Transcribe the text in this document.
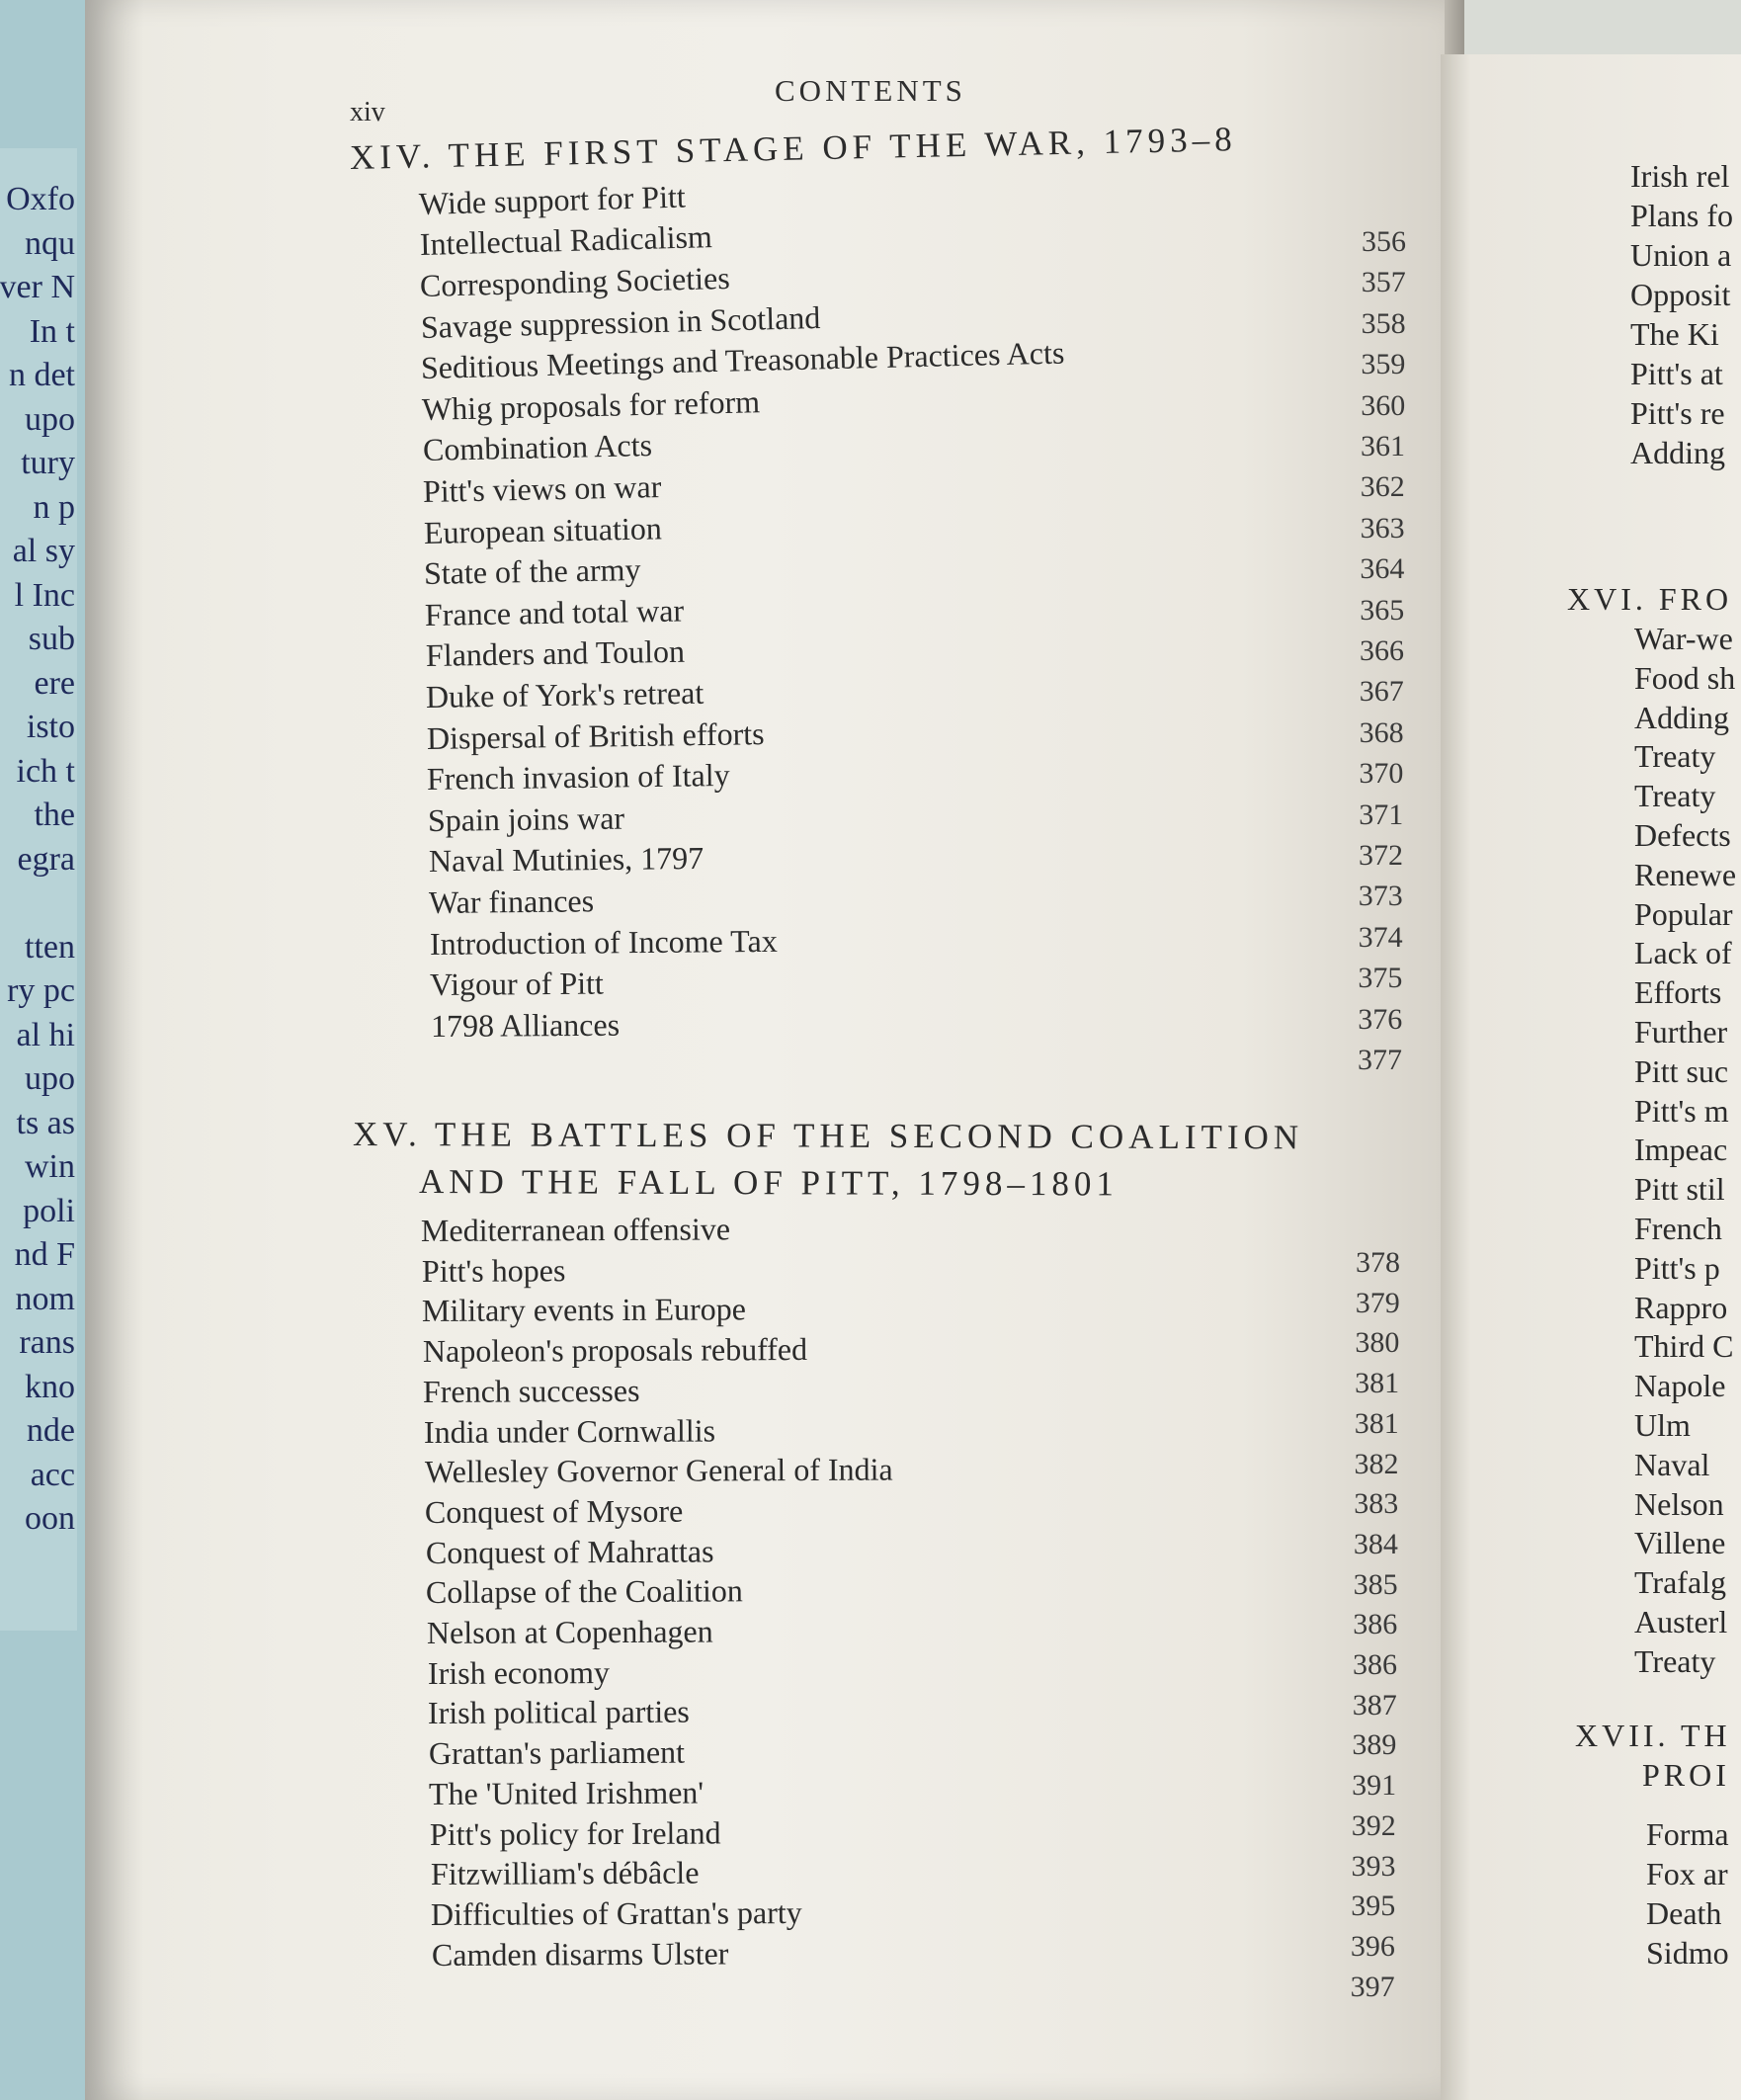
Oxfo
nqu
ver N
In t
n det
upo
tury
n p
al sy
l Inc
sub
ere
isto
ich t
the
egra
tten
ry pc
al hi
upo
ts as
win
poli
nd F
nom
rans
kno
nde
acc
oon
Irish rel
Plans fo
Union a
Opposit
The Ki
Pitt's at
Pitt's re
Adding
XVI. FRO
War-we
Food sh
Adding
Treaty
Treaty
Defects
Renewe
Popular
Lack of
Efforts
Further
Pitt suc
Pitt's m
Impeac
Pitt stil
French
Pitt's p
Rappro
Third C
Napole
Ulm
Naval
Nelson
Villene
Trafalg
Austerl
Treaty
XVII. TH
PROI
Forma
Fox ar
Death
Sidmo
xiv
CONTENTS
XIV. THE FIRST STAGE OF THE WAR, 1793–8
Wide support for Pitt
356
Intellectual Radicalism
357
Corresponding Societies
358
Savage suppression in Scotland
359
Seditious Meetings and Treasonable Practices Acts
360
Whig proposals for reform
361
Combination Acts
362
Pitt's views on war
363
European situation
364
State of the army
365
France and total war
366
Flanders and Toulon
367
Duke of York's retreat
368
Dispersal of British efforts
370
French invasion of Italy
371
Spain joins war
372
Naval Mutinies, 1797
373
War finances
374
Introduction of Income Tax
375
Vigour of Pitt
376
1798 Alliances
377
XV. THE BATTLES OF THE SECOND COALITION
AND THE FALL OF PITT, 1798–1801
Mediterranean offensive
378
Pitt's hopes
379
Military events in Europe
380
Napoleon's proposals rebuffed
381
French successes
381
India under Cornwallis
382
Wellesley Governor General of India
383
Conquest of Mysore
384
Conquest of Mahrattas
385
Collapse of the Coalition
386
Nelson at Copenhagen
386
Irish economy
387
Irish political parties
389
Grattan's parliament
391
The 'United Irishmen'
392
Pitt's policy for Ireland
393
Fitzwilliam's débâcle
395
Difficulties of Grattan's party
396
Camden disarms Ulster
397
